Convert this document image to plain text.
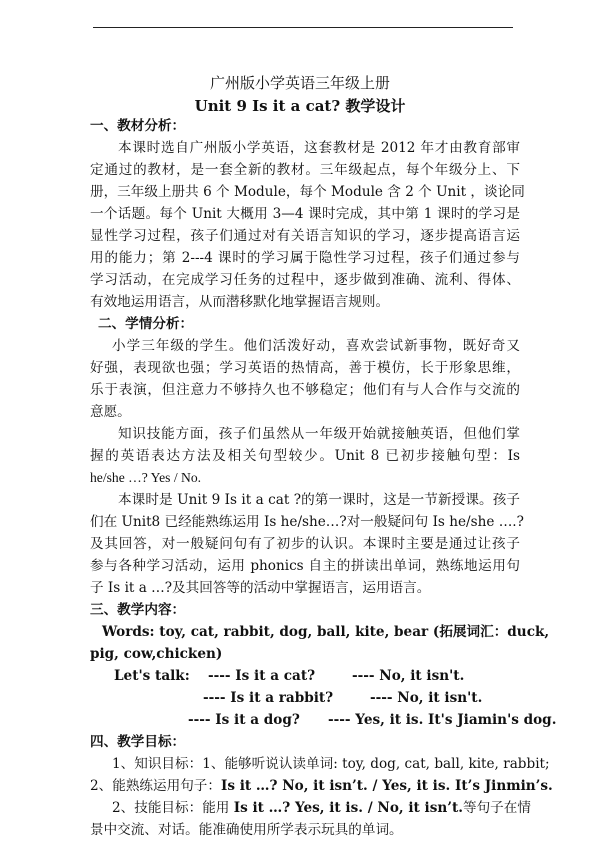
广州版小学英语三年级上册
Unit 9 Is it a cat? 教学设计
一、教材分析：
本课时选自广州版小学英语，这套教材是 2012 年才由教育部审
定通过的教材，是一套全新的教材。三年级起点，每个年级分上、下
册，三年级上册共 6 个 Module，每个 Module 含 2 个 Unit ，谈论同
一个话题。每个 Unit 大概用 3—4 课时完成，其中第 1 课时的学习是
显性学习过程，孩子们通过对有关语言知识的学习，逐步提高语言运
用的能力；第 2---4 课时的学习属于隐性学习过程，孩子们通过参与
学习活动，在完成学习任务的过程中，逐步做到准确、流利、得体、
有效地运用语言，从而潜移默化地掌握语言规则。
二、学情分析：
小学三年级的学生。他们活泼好动，喜欢尝试新事物，既好奇又
好强，表现欲也强；学习英语的热情高，善于模仿，长于形象思维，
乐于表演，但注意力不够持久也不够稳定；他们有与人合作与交流的
意愿。
知识技能方面，孩子们虽然从一年级开始就接触英语，但他们掌
握的英语表达方法及相关句型较少。Unit 8 已初步接触句型：Is
he/she …? Yes / No.
本课时是 Unit 9 Is it a cat ?的第一课时，这是一节新授课。孩子
们在 Unit8 已经能熟练运用 Is he/she…?对一般疑问句 Is he/she ….?
及其回答，对一般疑问句有了初步的认识。本课时主要是通过让孩子
参与各种学习活动，运用 phonics 自主的拼读出单词，熟练地运用句
子 Is it a …?及其回答等的活动中掌握语言，运用语言。
三、教学内容：
Words: toy, cat, rabbit, dog, ball, kite, bear (拓展词汇：duck,
pig, cow,chicken)
Let's talk:	---- Is it a cat?	---- No, it isn't.
---- Is it a rabbit?	---- No, it isn't.
---- Is it a dog?	---- Yes, it is. It's Jiamin's dog.
四、教学目标：
1、知识目标：1、能够听说认读单词: toy, dog, cat, ball, kite, rabbit;
2、能熟练运用句子：Is it …? No, it isn’t. / Yes, it is. It’s Jinmin’s.
2、技能目标：能用 Is it …? Yes, it is. / No, it isn’t.等句子在情
景中交流、对话。能准确使用所学表示玩具的单词。
